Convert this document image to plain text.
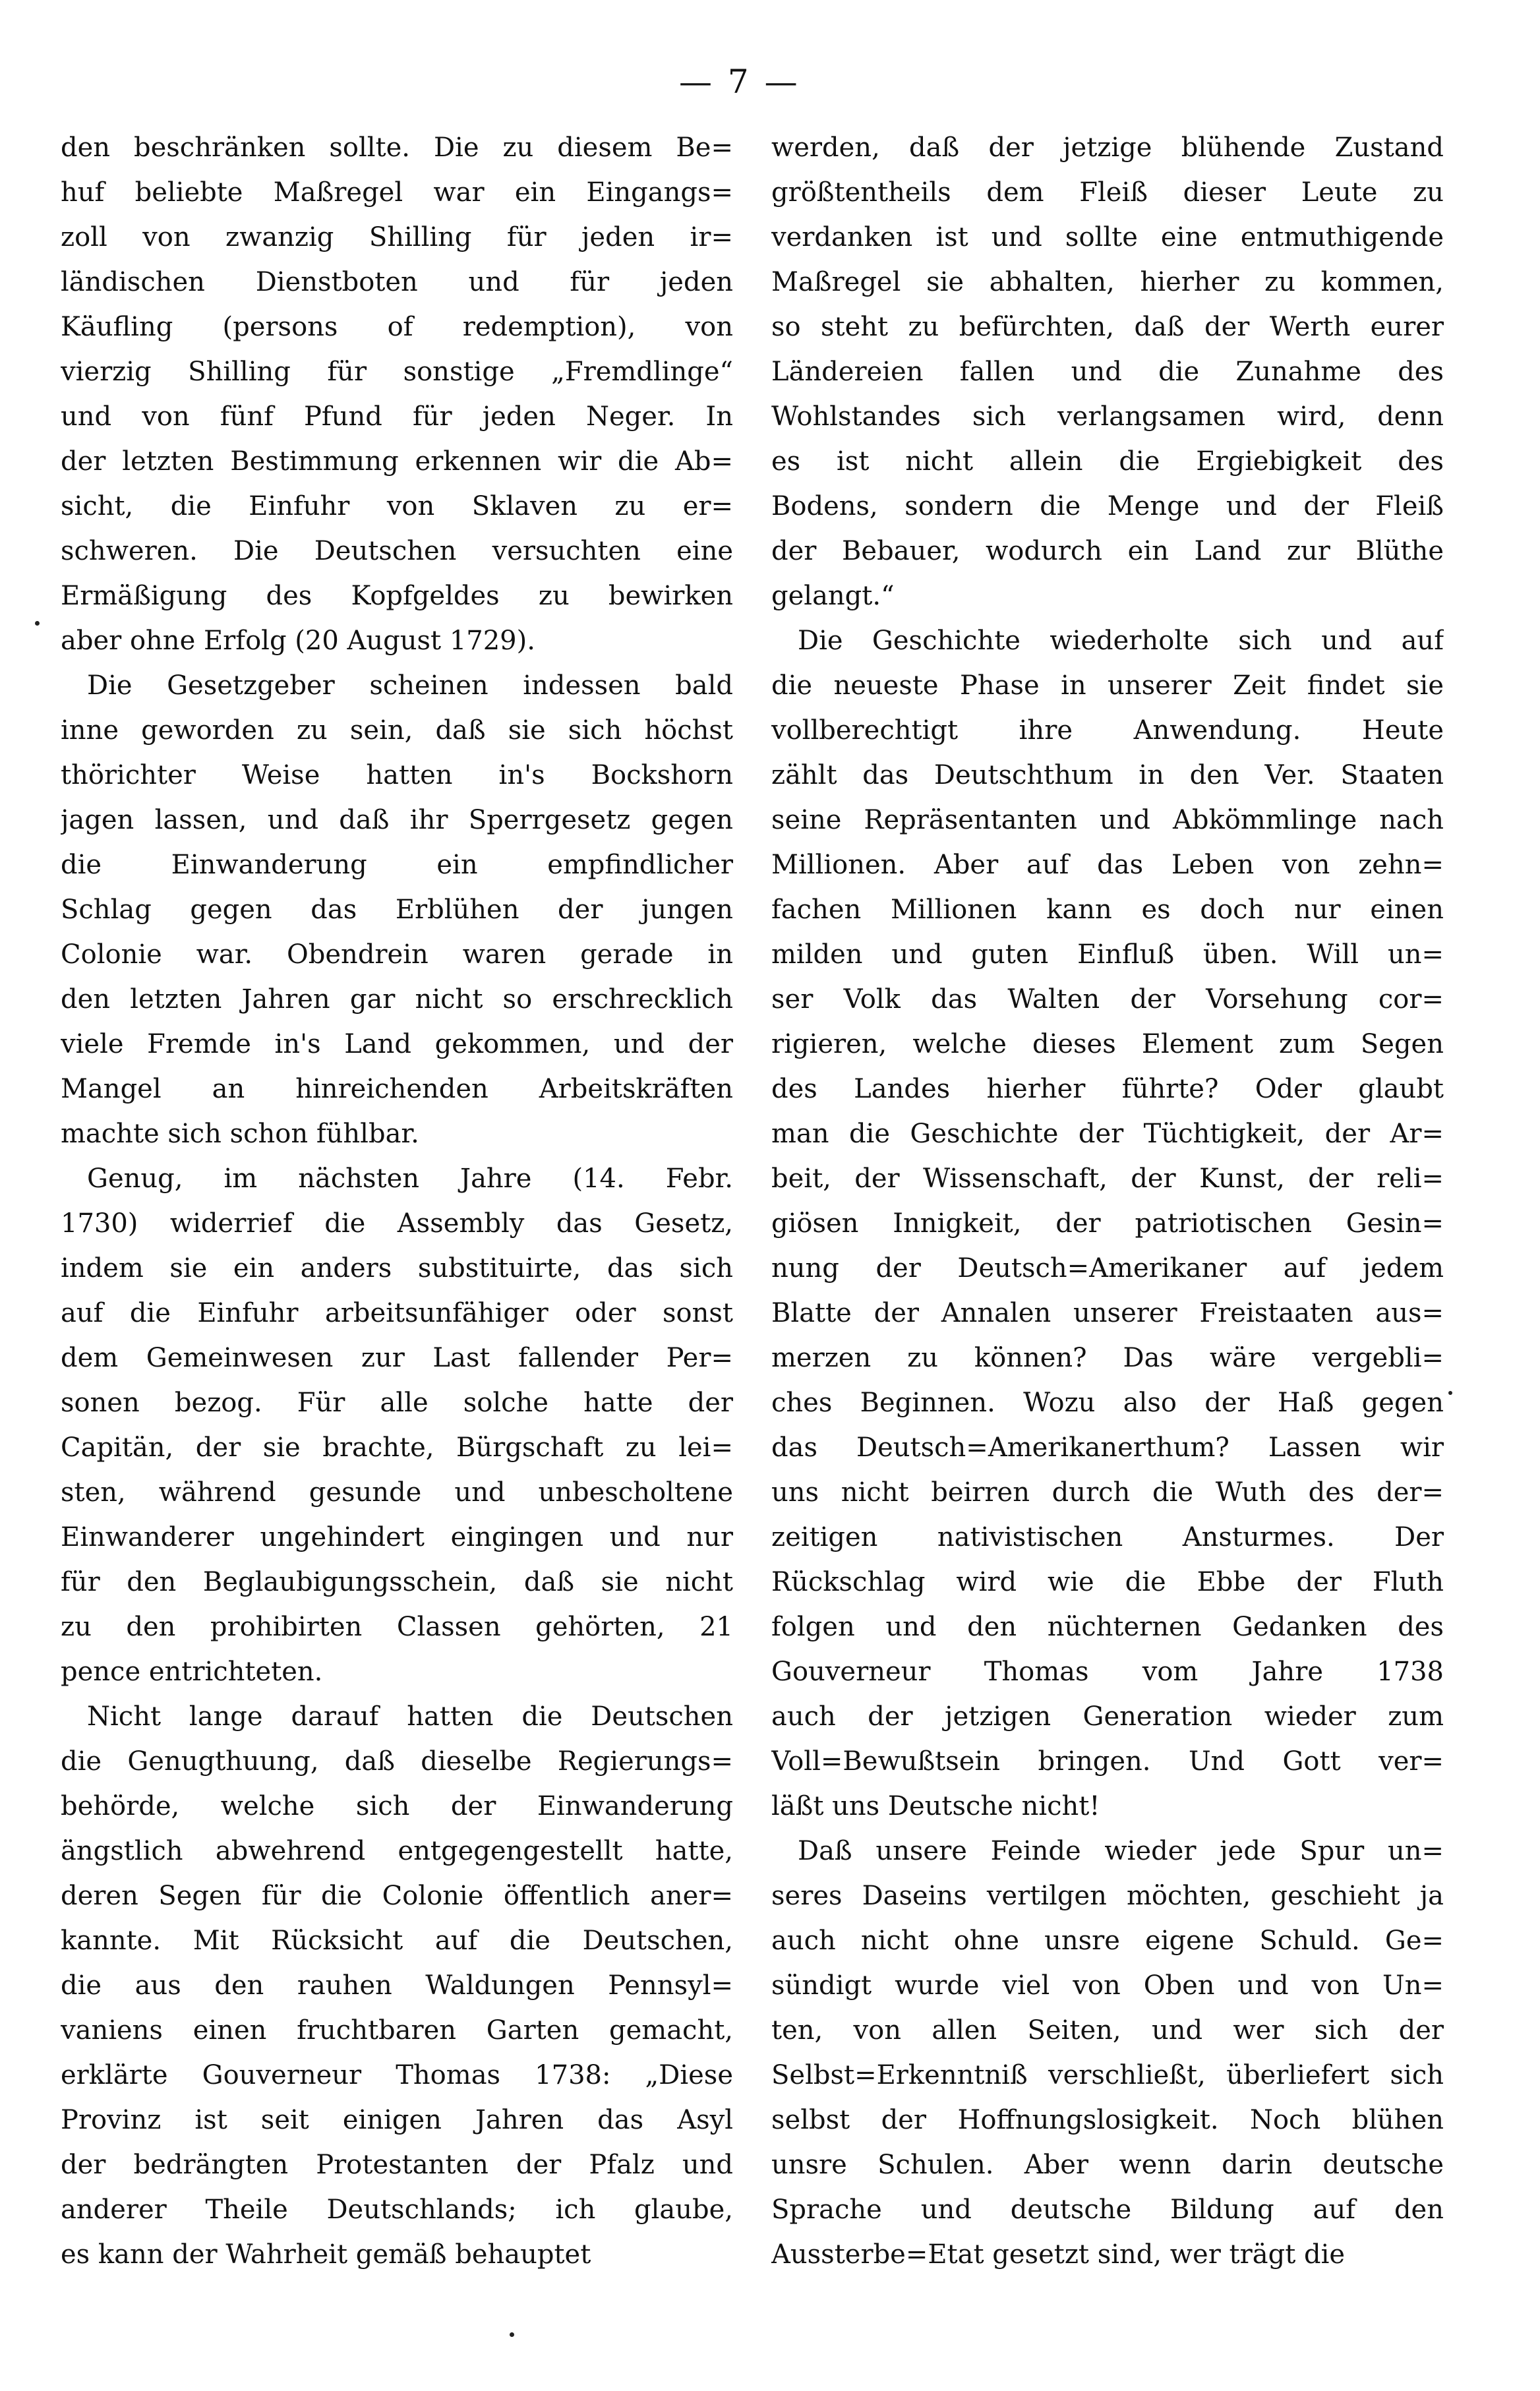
— 7 —
den beschränken sollte. Die zu diesem Be=
huf beliebte Maßregel war ein Eingangs=
zoll von zwanzig Shilling für jeden ir=
ländischen Dienstboten und für jeden
Käufling (persons of redemption), von
vierzig Shilling für sonstige „Fremdlinge“
und von fünf Pfund für jeden Neger. In
der letzten Bestimmung erkennen wir die Ab=
sicht, die Einfuhr von Sklaven zu er=
schweren. Die Deutschen versuchten eine
Ermäßigung des Kopfgeldes zu bewirken
aber ohne Erfolg (20 August 1729).
Die Gesetzgeber scheinen indessen bald
inne geworden zu sein, daß sie sich höchst
thörichter Weise hatten in's Bockshorn
jagen lassen, und daß ihr Sperrgesetz gegen
die Einwanderung ein empfindlicher
Schlag gegen das Erblühen der jungen
Colonie war. Obendrein waren gerade in
den letzten Jahren gar nicht so erschrecklich
viele Fremde in's Land gekommen, und der
Mangel an hinreichenden Arbeitskräften
machte sich schon fühlbar.
Genug, im nächsten Jahre (14. Febr.
1730) widerrief die Assembly das Gesetz,
indem sie ein anders substituirte, das sich
auf die Einfuhr arbeitsunfähiger oder sonst
dem Gemeinwesen zur Last fallender Per=
sonen bezog. Für alle solche hatte der
Capitän, der sie brachte, Bürgschaft zu lei=
sten, während gesunde und unbescholtene
Einwanderer ungehindert eingingen und nur
für den Beglaubigungsschein, daß sie nicht
zu den prohibirten Classen gehörten, 21
pence entrichteten.
Nicht lange darauf hatten die Deutschen
die Genugthuung, daß dieselbe Regierungs=
behörde, welche sich der Einwanderung
ängstlich abwehrend entgegengestellt hatte,
deren Segen für die Colonie öffentlich aner=
kannte. Mit Rücksicht auf die Deutschen,
die aus den rauhen Waldungen Pennsyl=
vaniens einen fruchtbaren Garten gemacht,
erklärte Gouverneur Thomas 1738: „Diese
Provinz ist seit einigen Jahren das Asyl
der bedrängten Protestanten der Pfalz und
anderer Theile Deutschlands; ich glaube,
es kann der Wahrheit gemäß behauptet
werden, daß der jetzige blühende Zustand
größtentheils dem Fleiß dieser Leute zu
verdanken ist und sollte eine entmuthigende
Maßregel sie abhalten, hierher zu kommen,
so steht zu befürchten, daß der Werth eurer
Ländereien fallen und die Zunahme des
Wohlstandes sich verlangsamen wird, denn
es ist nicht allein die Ergiebigkeit des
Bodens, sondern die Menge und der Fleiß
der Bebauer, wodurch ein Land zur Blüthe
gelangt.“
Die Geschichte wiederholte sich und auf
die neueste Phase in unserer Zeit findet sie
vollberechtigt ihre Anwendung. Heute
zählt das Deutschthum in den Ver. Staaten
seine Repräsentanten und Abkömmlinge nach
Millionen. Aber auf das Leben von zehn=
fachen Millionen kann es doch nur einen
milden und guten Einfluß üben. Will un=
ser Volk das Walten der Vorsehung cor=
rigieren, welche dieses Element zum Segen
des Landes hierher führte? Oder glaubt
man die Geschichte der Tüchtigkeit, der Ar=
beit, der Wissenschaft, der Kunst, der reli=
giösen Innigkeit, der patriotischen Gesin=
nung der Deutsch=Amerikaner auf jedem
Blatte der Annalen unserer Freistaaten aus=
merzen zu können? Das wäre vergebli=
ches Beginnen. Wozu also der Haß gegen
das Deutsch=Amerikanerthum? Lassen wir
uns nicht beirren durch die Wuth des der=
zeitigen nativistischen Ansturmes. Der
Rückschlag wird wie die Ebbe der Fluth
folgen und den nüchternen Gedanken des
Gouverneur Thomas vom Jahre 1738
auch der jetzigen Generation wieder zum
Voll=Bewußtsein bringen. Und Gott ver=
läßt uns Deutsche nicht!
Daß unsere Feinde wieder jede Spur un=
seres Daseins vertilgen möchten, geschieht ja
auch nicht ohne unsre eigene Schuld. Ge=
sündigt wurde viel von Oben und von Un=
ten, von allen Seiten, und wer sich der
Selbst=Erkenntniß verschließt, überliefert sich
selbst der Hoffnungslosigkeit. Noch blühen
unsre Schulen. Aber wenn darin deutsche
Sprache und deutsche Bildung auf den
Aussterbe=Etat gesetzt sind, wer trägt die
